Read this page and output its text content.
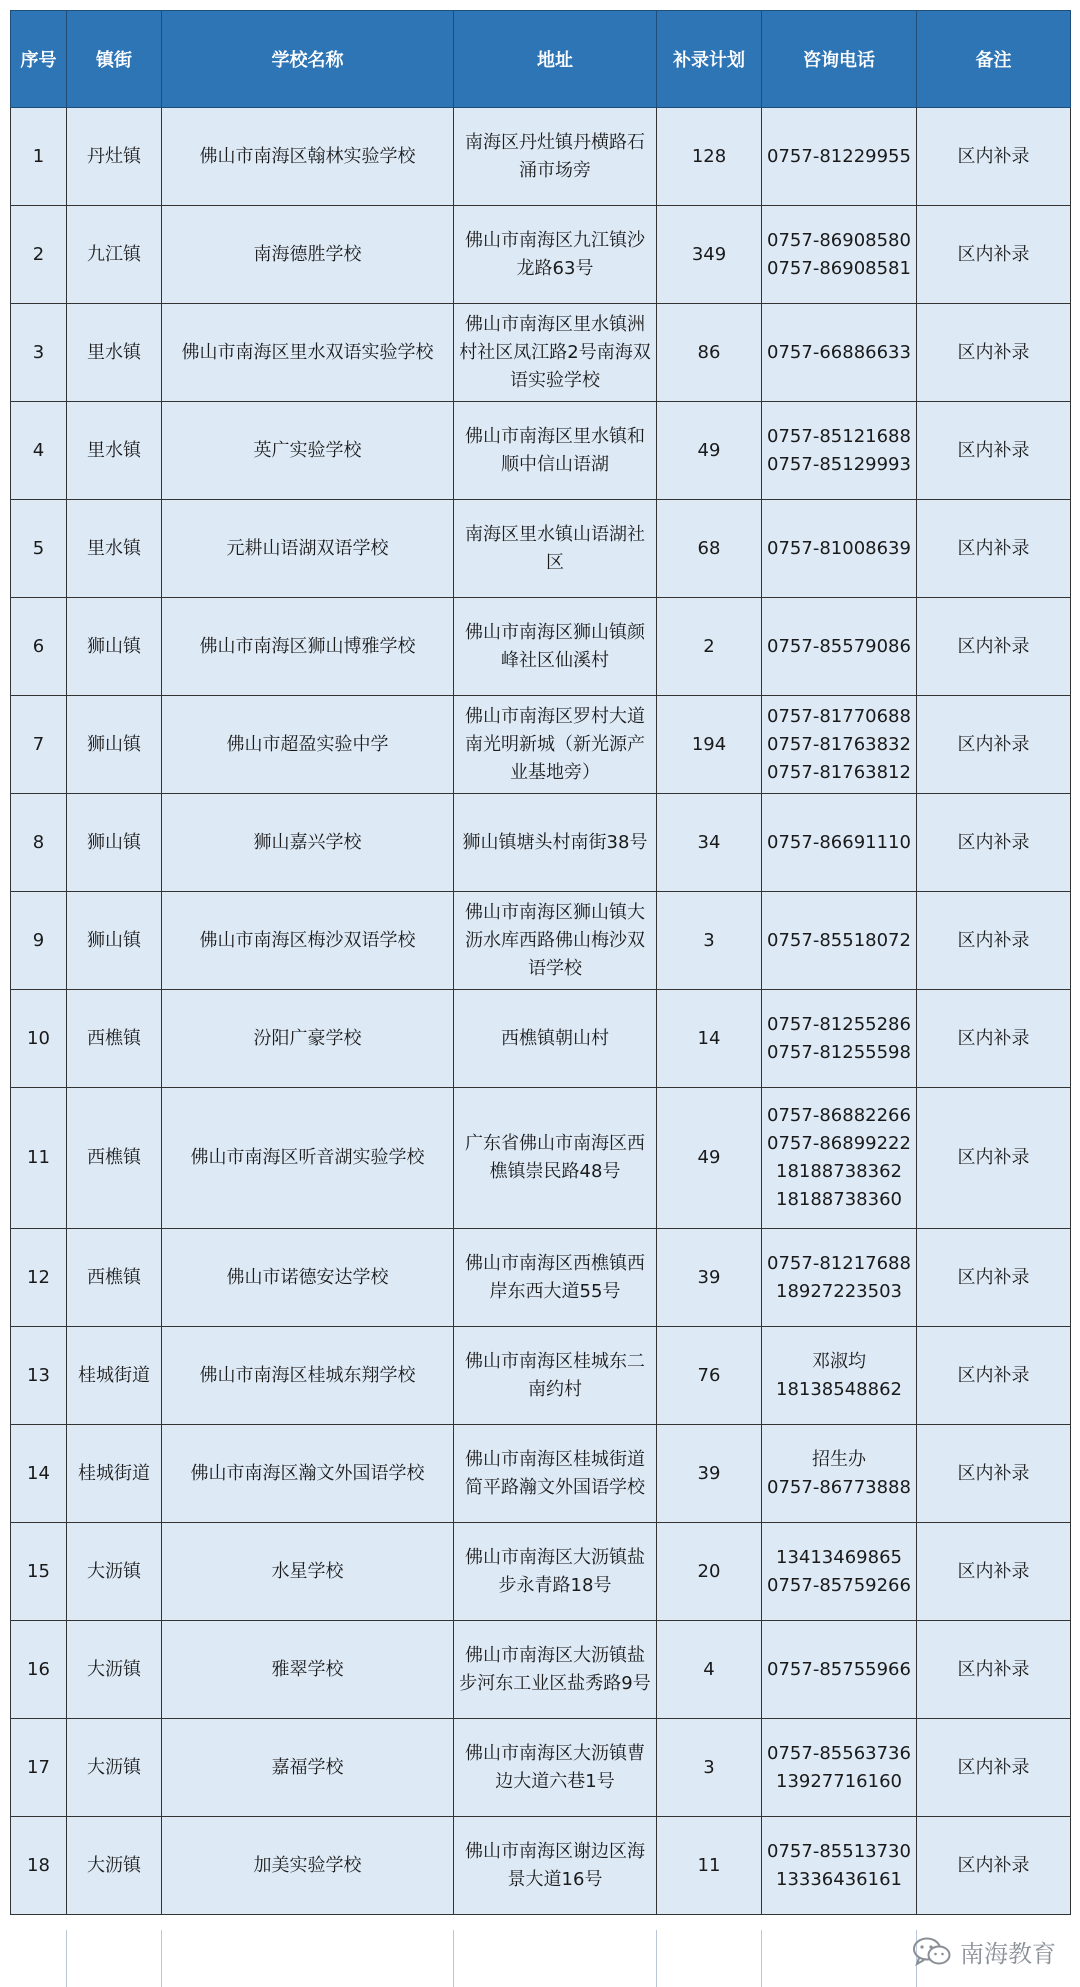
序号	镇街	学校名称	地址	补录计划	咨询电话	备注
1	丹灶镇	佛山市南海区翰林实验学校	南海区丹灶镇丹横路石涌市场旁	128	0757-81229955	区内补录
2	九江镇	南海德胜学校	佛山市南海区九江镇沙龙路63号	349	0757-86908580
0757-86908581	区内补录
3	里水镇	佛山市南海区里水双语实验学校	佛山市南海区里水镇洲村社区凤江路2号南海双语实验学校	86	0757-66886633	区内补录
4	里水镇	英广实验学校	佛山市南海区里水镇和顺中信山语湖	49	0757-85121688
0757-85129993	区内补录
5	里水镇	元耕山语湖双语学校	南海区里水镇山语湖社区	68	0757-81008639	区内补录
6	狮山镇	佛山市南海区狮山博雅学校	佛山市南海区狮山镇颜峰社区仙溪村	2	0757-85579086	区内补录
7	狮山镇	佛山市超盈实验中学	佛山市南海区罗村大道南光明新城（新光源产业基地旁）	194	0757-81770688
0757-81763832
0757-81763812	区内补录
8	狮山镇	狮山嘉兴学校	狮山镇塘头村南街38号	34	0757-86691110	区内补录
9	狮山镇	佛山市南海区梅沙双语学校	佛山市南海区狮山镇大沥水库西路佛山梅沙双语学校	3	0757-85518072	区内补录
10	西樵镇	汾阳广豪学校	西樵镇朝山村	14	0757-81255286
0757-81255598	区内补录
11	西樵镇	佛山市南海区听音湖实验学校	广东省佛山市南海区西樵镇崇民路48号	49	0757-86882266
0757-86899222
18188738362
18188738360	区内补录
12	西樵镇	佛山市诺德安达学校	佛山市南海区西樵镇西岸东西大道55号	39	0757-81217688
18927223503	区内补录
13	桂城街道	佛山市南海区桂城东翔学校	佛山市南海区桂城东二南约村	76	邓淑均
18138548862	区内补录
14	桂城街道	佛山市南海区瀚文外国语学校	佛山市南海区桂城街道简平路瀚文外国语学校	39	招生办
0757-86773888	区内补录
15	大沥镇	水星学校	佛山市南海区大沥镇盐步永青路18号	20	13413469865
0757-85759266	区内补录
16	大沥镇	雅翠学校	佛山市南海区大沥镇盐步河东工业区盐秀路9号	4	0757-85755966	区内补录
17	大沥镇	嘉福学校	佛山市南海区大沥镇曹边大道六巷1号	3	0757-85563736
13927716160	区内补录
18	大沥镇	加美实验学校	佛山市南海区谢边区海景大道16号	11	0757-85513730
13336436161	区内补录
南海教育
